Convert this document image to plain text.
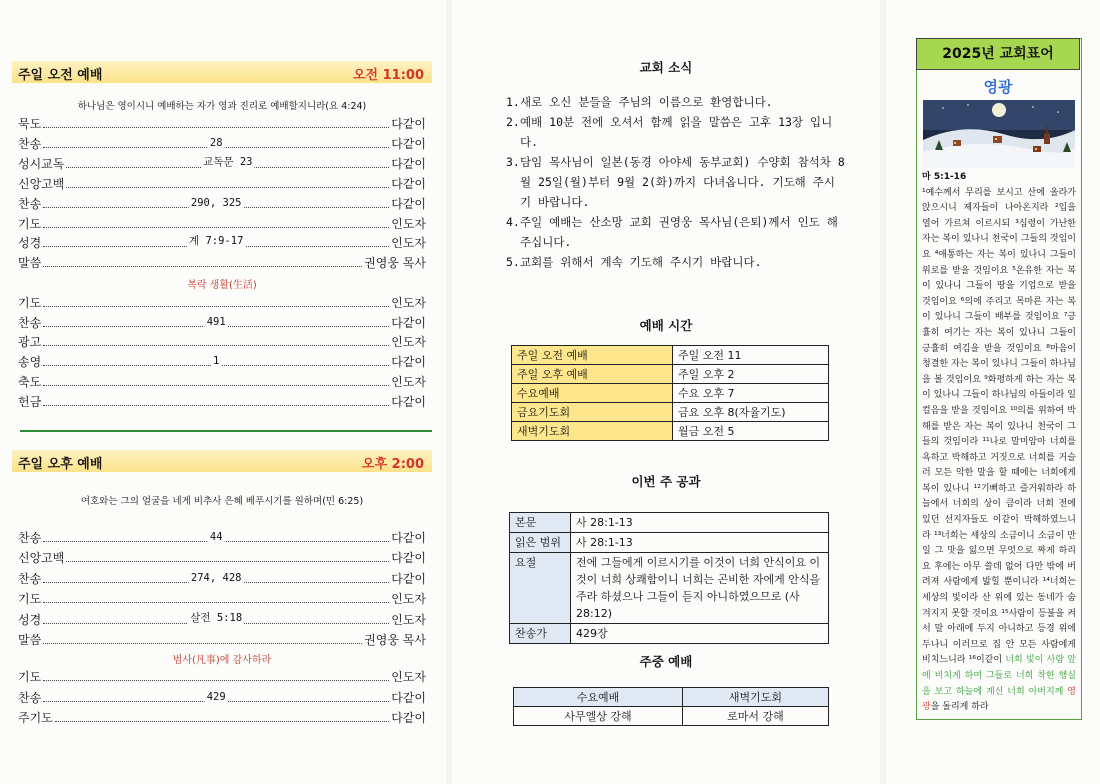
주일 오전 예배	오전 11:00
하나님은 영이시니 예배하는 자가 영과 진리로 예배할지니라(요 4:24)
묵도	다같이
찬송	28	다같이
성시교독	교독문 23	다같이
신앙고백	다같이
찬송	290, 325	다같이
기도	인도자
성경	계 7:9-17	인도자
말씀	권영웅 목사
복락 생활(生活)
기도	인도자
찬송	491	다같이
광고	인도자
송영	1	다같이
축도	인도자
헌금	다같이
주일 오후 예배	오후 2:00
여호와는 그의 얼굴을 네게 비추사 은혜 베푸시기를 원하며(민 6:25)
찬송	44	다같이
신앙고백	다같이
찬송	274, 428	다같이
기도	인도자
성경	살전 5:18	인도자
말씀	권영웅 목사
범사(凡事)에 감사하라
기도	인도자
찬송	429	다같이
주기도	다같이
교회 소식
1. 새로 오신 분들을 주님의 이름으로 환영합니다.
2. 예배 10분 전에 오셔서 함께 읽을 말씀은 고후 13장 입니다.
3. 담임 목사님이 일본(동경 아야세 동부교회) 수양회 참석차 8월 25일(월)부터 9월 2(화)까지 다녀옵니다. 기도해 주시기 바랍니다.
4. 주일 예배는 산소망 교회 권영웅 목사님(은퇴)께서 인도 해주십니다.
5. 교회를 위해서 계속 기도해 주시기 바랍니다.
예배 시간
주일 오전 예배	주일 오전 11
주일 오후 예배	주일 오후 2
수요예배	수요 오후 7
금요기도회	금요 오후 8(자율기도)
새벽기도회	월금 오전 5
이번 주 공과
본문	사 28:1-13
읽은 범위	사 28:1-13
요절	전에 그들에게 이르시기를 이것이 너희 안식이요 이것이 너희 상쾌함이니 너희는 곤비한 자에게 안식을 주라 하셨으나 그들이 듣지 아니하였으므로 (사 28:12)
찬송가	429장
주중 예배
수요예배	새벽기도회
사무엘상 강해	로마서 강해
2025년 교회표어
영광
마 5:1-16
¹예수께서 무리를 보시고 산에 올라가 앉으시니 제자들이 나아온지라 ²입을 열어 가르쳐 이르시되 ³심령이 가난한 자는 복이 있나니 천국이 그들의 것임이요 ⁴애통하는 자는 복이 있나니 그들이 위로를 받을 것임이요 ⁵온유한 자는 복이 있나니 그들이 땅을 기업으로 받을 것임이요 ⁶의에 주리고 목마른 자는 복이 있나니 그들이 배부를 것임이요 ⁷긍휼히 여기는 자는 복이 있나니 그들이 긍휼히 여김을 받을 것임이요 ⁸마음이 청결한 자는 복이 있나니 그들이 하나님을 볼 것임이요 ⁹화평하게 하는 자는 복이 있나니 그들이 하나님의 아들이라 일컬음을 받을 것임이요 ¹⁰의를 위하여 박해를 받은 자는 복이 있나니 천국이 그들의 것임이라 ¹¹나로 말미암아 너희를 욕하고 박해하고 거짓으로 너희를 거슬러 모든 악한 말을 할 때에는 너희에게 복이 있나니 ¹²기뻐하고 즐거워하라 하늘에서 너희의 상이 큼이라 너희 전에 있던 선지자들도 이같이 박해하였느니라 ¹³너희는 세상의 소금이니 소금이 만일 그 맛을 잃으면 무엇으로 짜게 하리요 후에는 아무 쓸데 없어 다만 밖에 버려져 사람에게 밟힐 뿐이니라 ¹⁴너희는 세상의 빛이라 산 위에 있는 동네가 숨겨지지 못할 것이요 ¹⁵사람이 등불을 켜서 말 아래에 두지 아니하고 등경 위에 두나니 이러므로 집 안 모든 사람에게 비치느니라 ¹⁶이같이 너희 빛이 사람 앞에 비치게 하여 그들로 너희 착한 행실을 보고 하늘에 계신 너희 아버지께 영광을 돌리게 하라
